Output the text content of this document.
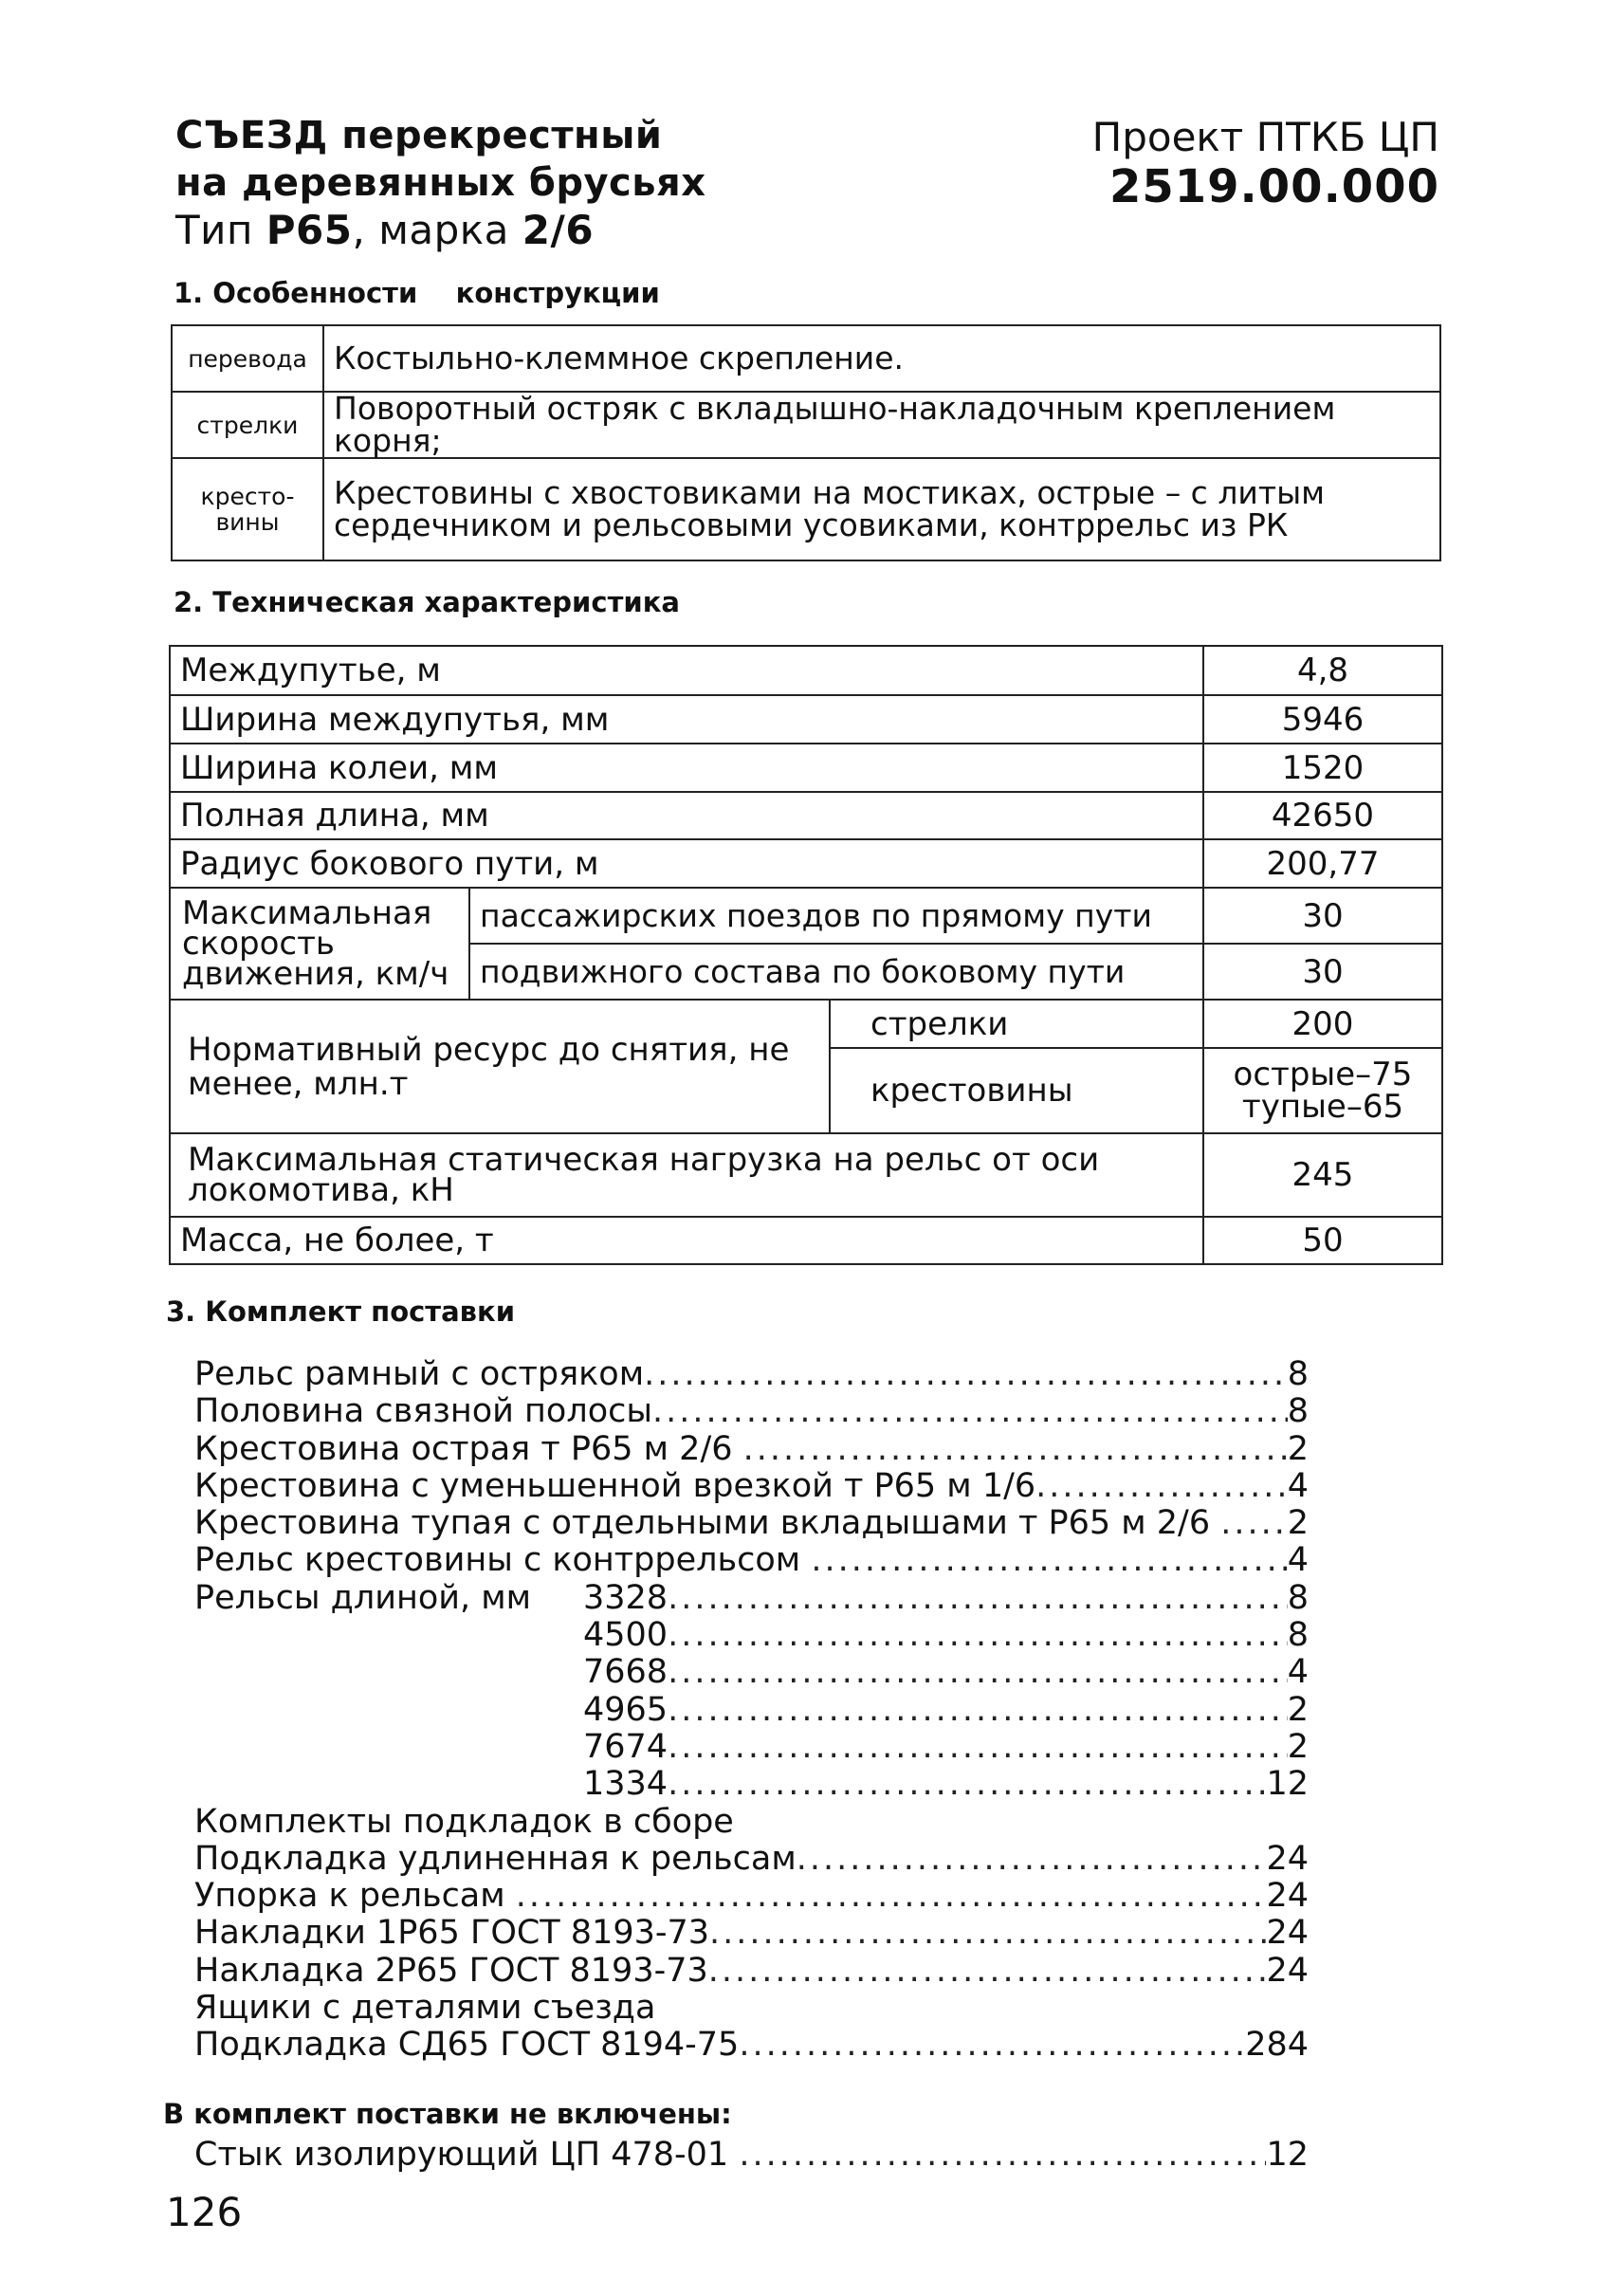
СЪЕЗД перекрестный
на деревянных брусьях
Тип Р65, марка 2/6
Проект ПТКБ ЦП
2519.00.000
1. Особенности    конструкции
перевода	Костыльно-клеммное скрепление.
стрелки	Поворотный остряк с вкладышно-накладочным креплением корня;
кресто-вины	Крестовины с хвостовиками на мостиках, острые – с литым сердечником и рельсовыми усовиками, контррельс из РК
2. Техническая характеристика
Междупутье, м			4,8
Ширина междупутья, мм			5946
Ширина колеи, мм			1520
Полная длина, мм			42650
Радиус бокового пути, м			200,77
Максимальная скорость движения, км/ч	пассажирских поездов по прямому пути		30
	подвижного состава по боковому пути		30
Нормативный ресурс до снятия, не менее, млн.т		стрелки	200
		крестовины	острые–75
тупые–65

Максимальная статическая нагрузка на рельс от оси локомотива, кН			245
Масса, не более, т			50
3. Комплект поставки
Рельс рамный с остряком .....	8
Половина связной полосы .....	8
Крестовина острая т Р65 м 2/6 .....	2
Крестовина с уменьшенной врезкой т Р65 м 1/6 .....	4
Крестовина тупая с отдельными вкладышами т Р65 м 2/6 ..... 2
Рельс крестовины с контррельсом .....	4
Рельсы длиной, мм	3328 .....	8
4500 .....	8
7668 .....	4
4965 .....	2
7674 .....	2
1334 .....	12
Комплекты подкладок в сборе
Подкладка удлиненная к рельсам .....	24
Упорка к рельсам .....	24
Накладки 1Р65 ГОСТ 8193-73 .....	24
Накладка 2Р65 ГОСТ 8193-73 .....	24
Ящики с деталями съезда
Подкладка СД65 ГОСТ 8194-75 .....	284
В комплект поставки не включены:
Стык изолирующий ЦП 478-01 .....	12
126
